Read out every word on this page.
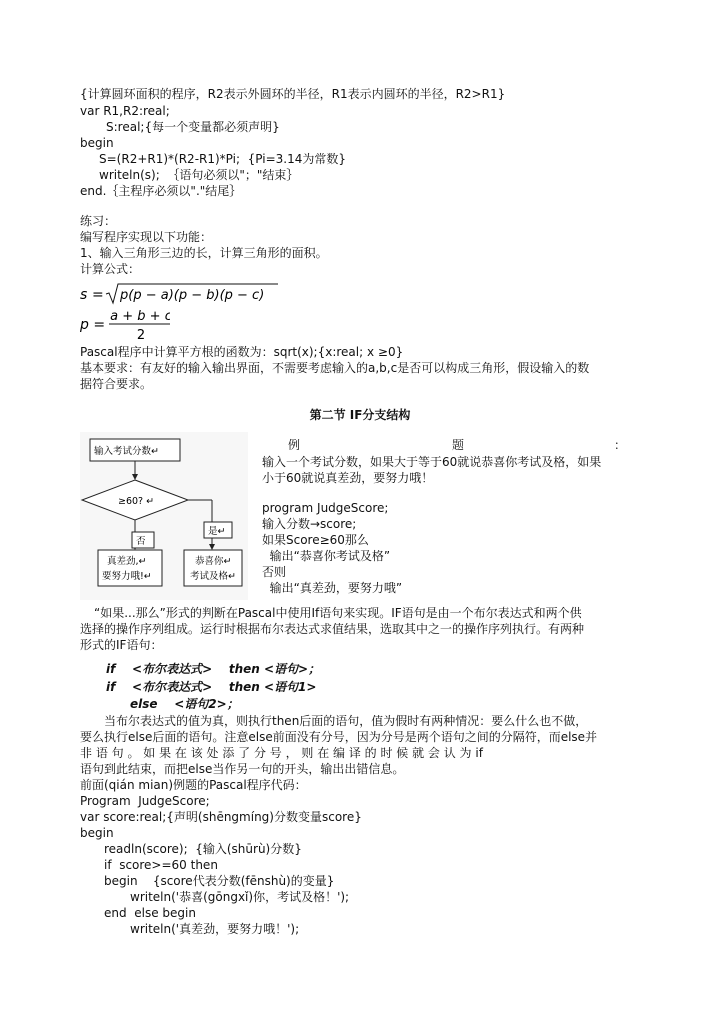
{计算圆环面积的程序，R2表示外圆环的半径，R1表示内圆环的半径，R2>R1}
var R1,R2:real;
S:real;{每一个变量都必须声明}
begin
S=(R2+R1)*(R2-R1)*Pi;  {Pi=3.14为常数}
writeln(s);  ｛语句必须以"；"结束｝
end.｛主程序必须以"."结尾｝
练习：
编写程序实现以下功能：
1、输入三角形三边的长，计算三角形的面积。
计算公式：
s = p(p − a)(p − b)(p − c)
p =
a + b + c
2
Pascal程序中计算平方根的函数为：sqrt(x);{x:real; x ≥0}
基本要求：有友好的输入输出界面，不需要考虑输入的a,b,c是否可以构成三角形，假设输入的数
据符合要求。
第二节 IF分支结构
输入考试分数↵
≥60? ↵
否
是↵
真差劲,↵
要努力哦!↵
恭喜你↵
考试及格↵
例	题	：
输入一个考试分数，如果大于等于60就说恭喜你考试及格，如果
小于60就说真差劲，要努力哦！
program JudgeScore;
输入分数→score;
如果Score≥60那么
输出“恭喜你考试及格”
否则
输出“真差劲，要努力哦”
“如果...那么”形式的判断在Pascal中使用If语句来实现。IF语句是由一个布尔表达式和两个供
选择的操作序列组成。运行时根据布尔表达式求值结果，选取其中之一的操作序列执行。有两种
形式的IF语句：
if    <布尔表达式>    then <语句>；
if    <布尔表达式>    then <语句1>
else    <语句2>；
当布尔表达式的值为真，则执行then后面的语句，值为假时有两种情况：要么什么也不做，
要么执行else后面的语句。注意else前面没有分号，因为分号是两个语句之间的分隔符，而else并
非 语 句 。 如 果 在 该 处 添 了 分 号 ， 则 在 编 译 的 时 候 就 会 认 为 if
语句到此结束，而把else当作另一句的开头，输出出错信息。
前面(qián mian)例题的Pascal程序代码：
Program  JudgeScore;
var score:real;{声明(shēngmíng)分数变量score}
begin
readln(score);  {输入(shūrù)分数}
if  score>=60 then
begin    {score代表分数(fēnshù)的变量}
writeln('恭喜(gōngxǐ)你，考试及格！');
end  else begin
writeln('真差劲，要努力哦！');
